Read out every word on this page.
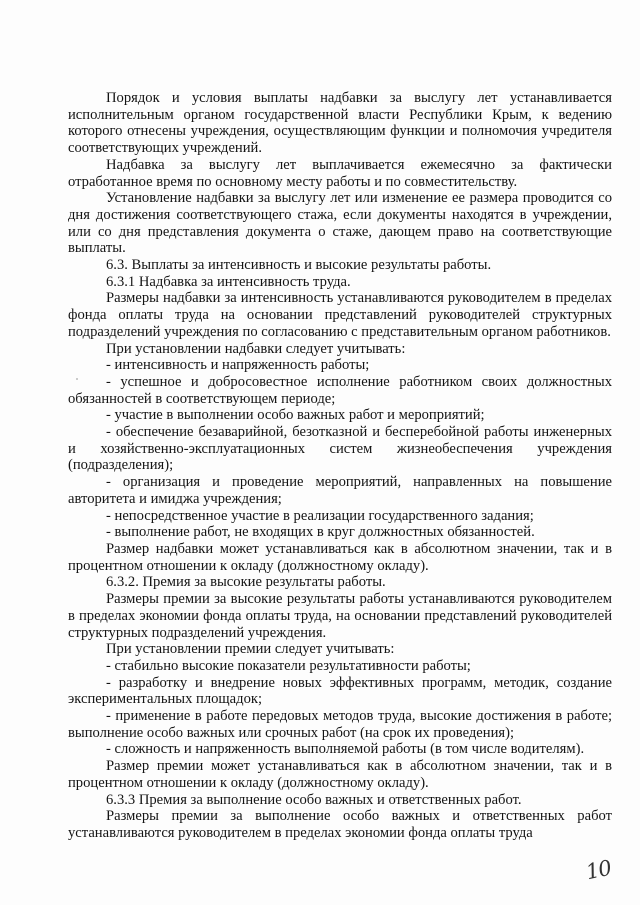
Порядок и условия выплаты надбавки за выслугу лет устанавливается исполнительным органом государственной власти Республики Крым, к ведению которого отнесены учреждения, осуществляющим функции и полномочия учредителя соответствующих учреждений.

Надбавка за выслугу лет выплачивается ежемесячно за фактически отработанное время по основному месту работы и по совместительству.

Установление надбавки за выслугу лет или изменение ее размера проводится со дня достижения соответствующего стажа, если документы находятся в учреждении, или со дня представления документа о стаже, дающем право на соответствующие выплаты.

6.3. Выплаты за интенсивность и высокие результаты работы.

6.3.1 Надбавка за интенсивность труда.

Размеры надбавки за интенсивность устанавливаются руководителем в пределах фонда оплаты труда на основании представлений руководителей структурных подразделений учреждения по согласованию с представительным органом работников.

При установлении надбавки следует учитывать:

- интенсивность и напряженность работы;

- успешное и добросовестное исполнение работником своих должностных обязанностей в соответствующем периоде;

- участие в выполнении особо важных работ и мероприятий;

- обеспечение безаварийной, безотказной и бесперебойной работы инженерных и хозяйственно-эксплуатационных систем жизнеобеспечения учреждения (подразделения);

- организация и проведение мероприятий, направленных на повышение авторитета и имиджа учреждения;

- непосредственное участие в реализации государственного задания;

- выполнение работ, не входящих в круг должностных обязанностей.

Размер надбавки может устанавливаться как в абсолютном значении, так и в процентном отношении к окладу (должностному окладу).

6.3.2. Премия за высокие результаты работы.

Размеры премии за высокие результаты работы устанавливаются руководителем в пределах экономии фонда оплаты труда, на основании представлений руководителей структурных подразделений учреждения.

При установлении премии следует учитывать:

- стабильно высокие показатели результативности работы;

- разработку и внедрение новых эффективных программ, методик, создание экспериментальных площадок;

- применение в работе передовых методов труда, высокие достижения в работе; выполнение особо важных или срочных работ (на срок их проведения);

- сложность и напряженность выполняемой работы (в том числе водителям).

Размер премии может устанавливаться как в абсолютном значении, так и в процентном отношении к окладу (должностному окладу).

6.3.3 Премия за выполнение особо важных и ответственных работ.

Размеры премии за выполнение особо важных и ответственных работ устанавливаются руководителем в пределах экономии фонда оплаты труда

10
